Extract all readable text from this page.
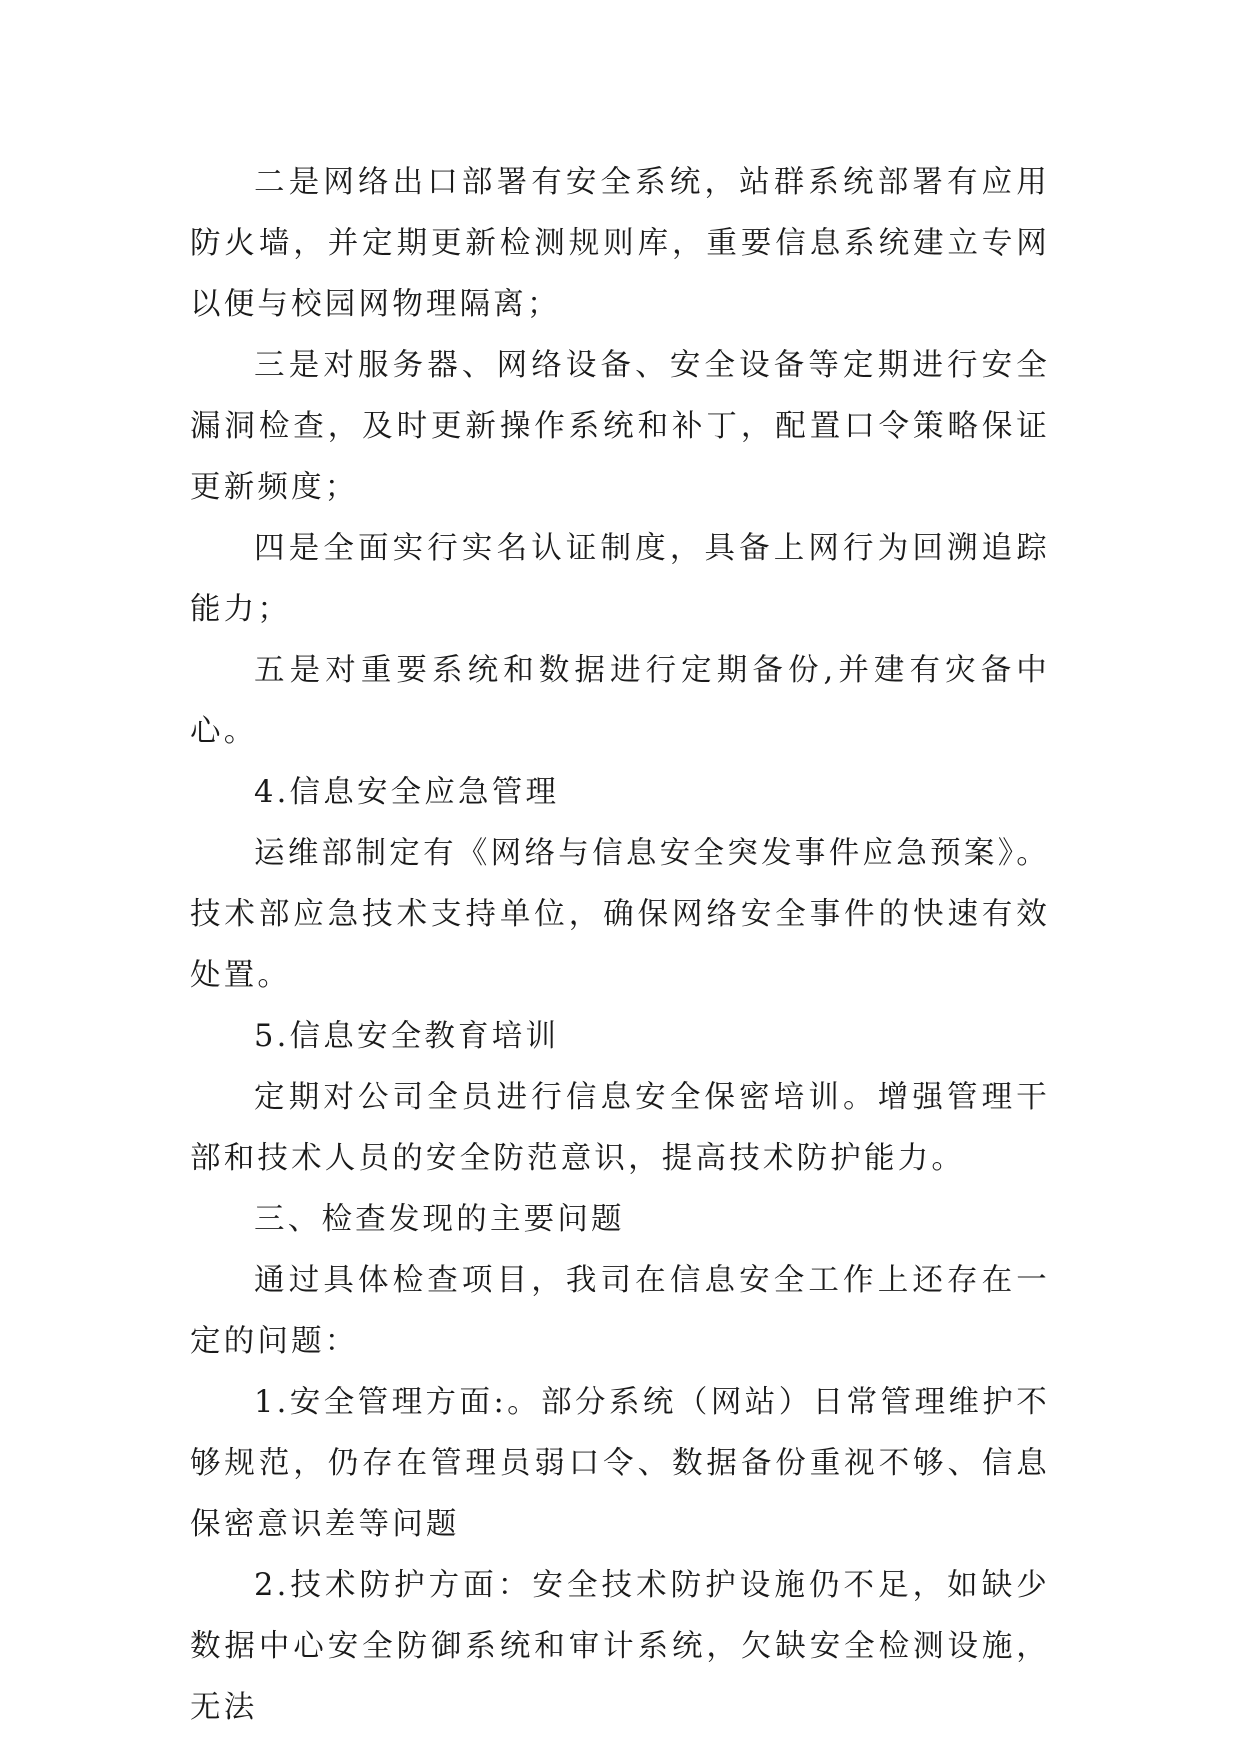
二是网络出口部署有安全系统，站群系统部署有应用防火墙，并定期更新检测规则库，重要信息系统建立专网以便与校园网物理隔离；

三是对服务器、网络设备、安全设备等定期进行安全漏洞检查，及时更新操作系统和补丁，配置口令策略保证更新频度；

四是全面实行实名认证制度，具备上网行为回溯追踪能力；

五是对重要系统和数据进行定期备份,并建有灾备中心。

4.信息安全应急管理

运维部制定有《网络与信息安全突发事件应急预案》。技术部应急技术支持单位，确保网络安全事件的快速有效处置。

5.信息安全教育培训

定期对公司全员进行信息安全保密培训。增强管理干部和技术人员的安全防范意识，提高技术防护能力。

三、检查发现的主要问题

通过具体检查项目，我司在信息安全工作上还存在一定的问题：

1.安全管理方面:。部分系统（网站）日常管理维护不够规范，仍存在管理员弱口令、数据备份重视不够、信息保密意识差等问题

2.技术防护方面：安全技术防护设施仍不足，如缺少数据中心安全防御系统和审计系统，欠缺安全检测设施，无法
